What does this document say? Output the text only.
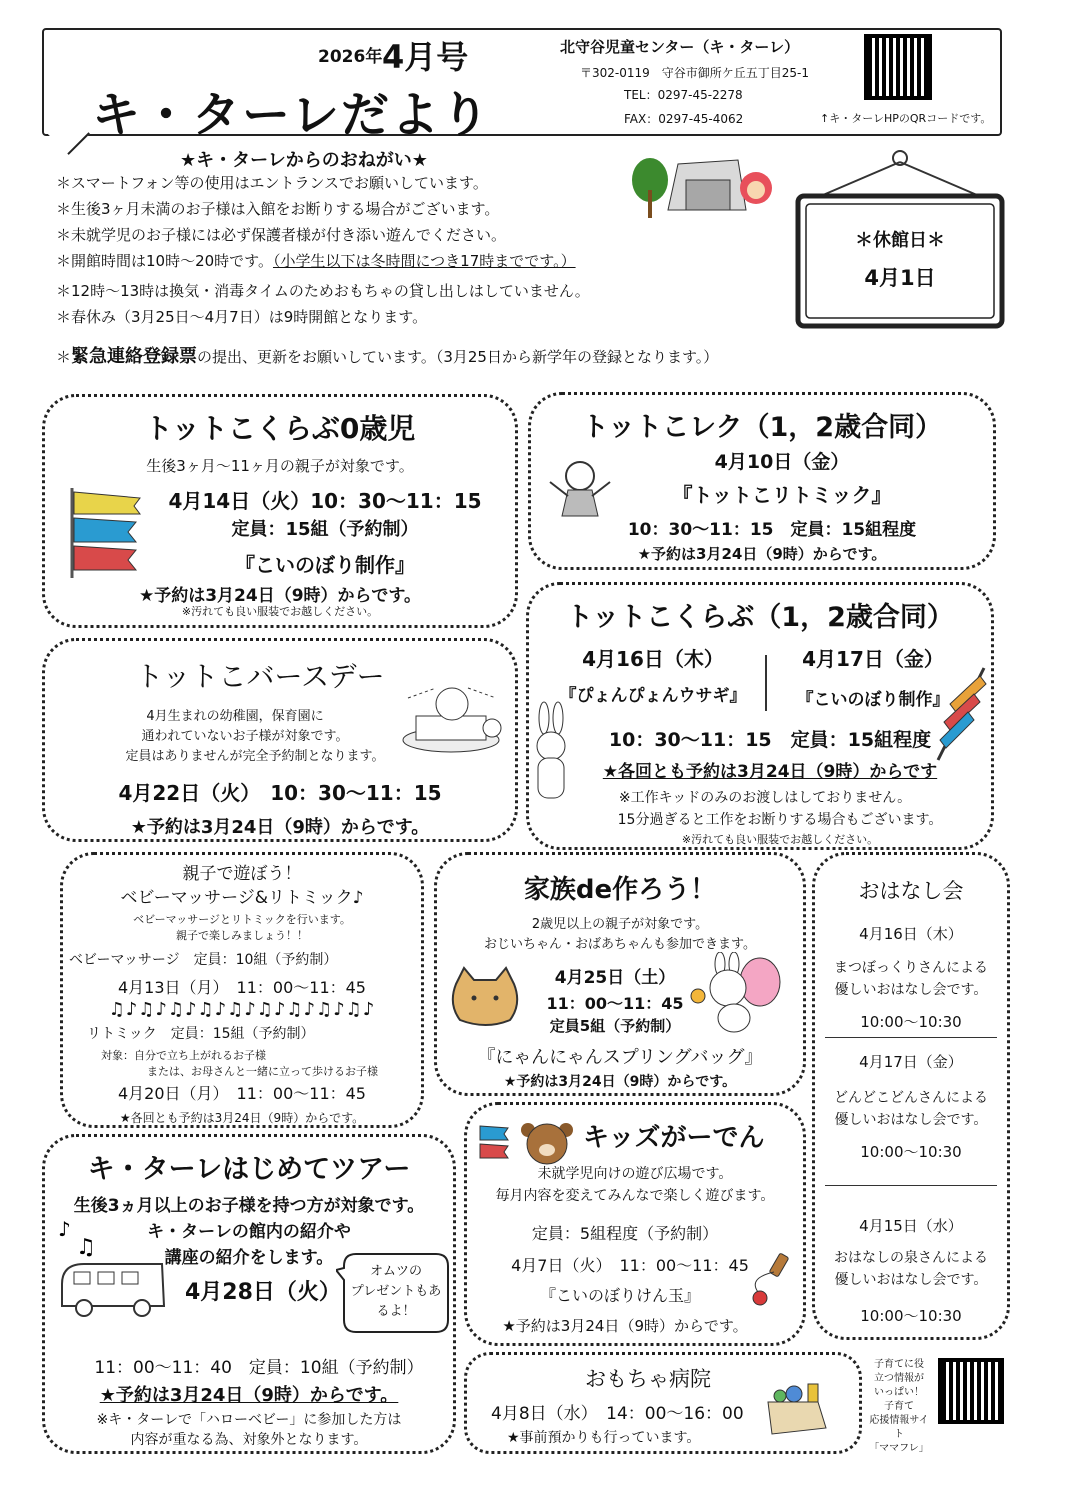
2026年 4月号
キ・ターレだより
北守谷児童センター（キ・ターレ）
〒302-0119　守谷市御所ケ丘五丁目25-1
TEL：0297-45-2278
FAX：0297-45-4062	↑キ・ターレHPのQRコードです。
★キ・ターレからのおねがい★
＊スマートフォン等の使用はエントランスでお願いしています。
＊生後3ヶ月未満のお子様は入館をお断りする場合がございます。
＊未就学児のお子様には必ず保護者様が付き添い遊んでください。
＊開館時間は10時～20時です。（小学生以下は冬時間につき17時までです。）
＊12時～13時は換気・消毒タイムのためおもちゃの貸し出しはしていません。
＊春休み（3月25日～4月7日）は9時開館となります。
＊緊急連絡登録票の提出、更新をお願いしています。（3月25日から新学年の登録となります。）
＊休館日＊
4月1日
トットこくらぶ0歳児
生後3ヶ月～11ヶ月の親子が対象です。
4月14日（火）10：30～11：15
定員：15組（予約制）
『こいのぼり制作』
★予約は3月24日（9時）からです。
※汚れても良い服装でお越しください。
トットこレク（1，2歳合同）
4月10日（金）
『トットこリトミック』
10：30～11：15　定員：15組程度
★予約は3月24日（9時）からです。
トットこバースデー
4月生まれの幼稚園，保育園に
通われていないお子様が対象です。
定員はありませんが完全予約制となります。
4月22日（火）　10：30～11：15
★予約は3月24日（9時）からです。
トットこくらぶ（1，2歳合同）
4月16日（木）
『ぴょんぴょんウサギ』
4月17日（金）
『こいのぼり制作』
10：30～11：15　定員：15組程度
★各回とも予約は3月24日（9時）からです
※工作キッドのみのお渡しはしておりません。
15分過ぎると工作をお断りする場合もございます。
※汚れても良い服装でお越しください。
親子で遊ぼう！
ベビーマッサージ&リトミック♪
ベビーマッサージとリトミックを行います。
親子で楽しみましょう！！
ベビーマッサージ　定員：10組（予約制）
4月13日（月）　11：00～11：45
♫♪♫♪♫♪♫♪♫♪♫♪♫♪♫♪♫♪
リトミック　定員：15組（予約制）
対象：自分で立ち上がれるお子様
または、お母さんと一緒に立って歩けるお子様
4月20日（月）　11：00～11：45
★各回とも予約は3月24日（9時）からです。
家族de作ろう！
2歳児以上の親子が対象です。
おじいちゃん・おばあちゃんも参加できます。
4月25日（土）
11：00～11：45
定員5組（予約制）
『にゃんにゃんスプリングバッグ』
★予約は3月24日（9時）からです。
おはなし会
4月16日（木）
まつぼっくりさんによる
優しいおはなし会です。
10:00～10:30
4月17日（金）
どんどこどんさんによる
優しいおはなし会です。
10:00～10:30
4月15日（水）
おはなしの泉さんによる
優しいおはなし会です。
10:00～10:30
キ・ターレはじめてツアー
生後3ヵ月以上のお子様を持つ方が対象です。
キ・ターレの館内の紹介や
講座の紹介をします。
4月28日（火）
11：00～11：40　定員：10組（予約制）
★予約は3月24日（9時）からです。
※キ・ターレで「ハローベビー」に参加した方は
内容が重なる為、対象外となります。
♪
♫
オムツの
プレゼントもあ
るよ！
キッズがーでん
未就学児向けの遊び広場です。
毎月内容を変えてみんなで楽しく遊びます。
定員：5組程度（予約制）
4月7日（火）　11：00～11：45
『こいのぼりけん玉』
★予約は3月24日（9時）からです。
おもちゃ病院
4月8日（水）　14：00～16：00
★事前預かりも行っています。
子育てに役
立つ情報が
いっぱい！
子育て
応援情報サイト
「ママフレ」
